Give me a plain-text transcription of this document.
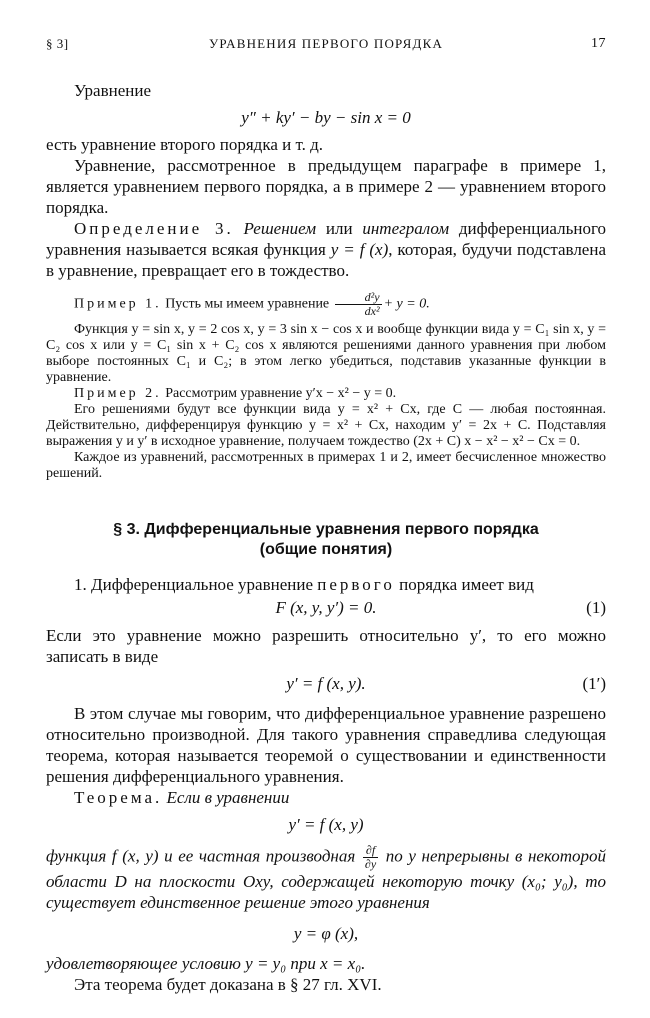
§ 3]	УРАВНЕНИЯ ПЕРВОГО ПОРЯДКА	17
Уравнение
y″ + ky′ − by − sin x = 0
есть уравнение второго порядка и т. д.
Уравнение, рассмотренное в предыдущем параграфе в примере 1, является уравнением первого порядка, а в примере 2 — уравнением второго порядка.
Определение 3. Решением или интегралом дифференциального уравнения называется всякая функция y = f (x), которая, будучи подставлена в уравнение, превращает его в тождество.
Пример 1. Пусть мы имеем уравнение $\frac{\text{d²y}}{\text{dx²}} + y = 0$.
Функция y = sin x, y = 2 cos x, y = 3 sin x − cos x и вообще функции вида y = C₁ sin x, y = C₂ cos x или y = C₁ sin x + C₂ cos x являются решениями данного уравнения при любом выборе постоянных C₁ и C₂; в этом легко убедиться, подставив указанные функции в уравнение.
Пример 2. Рассмотрим уравнение y′x − x² − y = 0.
Его решениями будут все функции вида y = x² + Cx, где C — любая постоянная. Действительно, дифференцируя функцию y = x² + Cx, находим y′ = 2x + C. Подставляя выражения y и y′ в исходное уравнение, получаем тождество (2x + C) x − x² − x² − Cx = 0.
Каждое из уравнений, рассмотренных в примерах 1 и 2, имеет бесчисленное множество решений.
§ 3. Дифференциальные уравнения первого порядка
(общие понятия)
1. Дифференциальное уравнение первого порядка имеет вид
F (x, y, y′) = 0.	(1)
Если это уравнение можно разрешить относительно y′, то его можно записать в виде
y′ = f (x, y).	(1′)
В этом случае мы говорим, что дифференциальное уравнение разрешено относительно производной. Для такого уравнения справедлива следующая теорема, которая называется теоремой о существовании и единственности решения дифференциального уравнения.
Теорема. Если в уравнении
y′ = f (x, y)
функция f (x, y) и ее частная производная $\frac{\partial f}{\partial y}$ по y непрерывны в некоторой области D на плоскости Oxy, содержащей некоторую точку (x₀; y₀), то существует единственное решение этого уравнения
y = φ (x),
удовлетворяющее условию y = y₀ при x = x₀.
Эта теорема будет доказана в § 27 гл. XVI.
